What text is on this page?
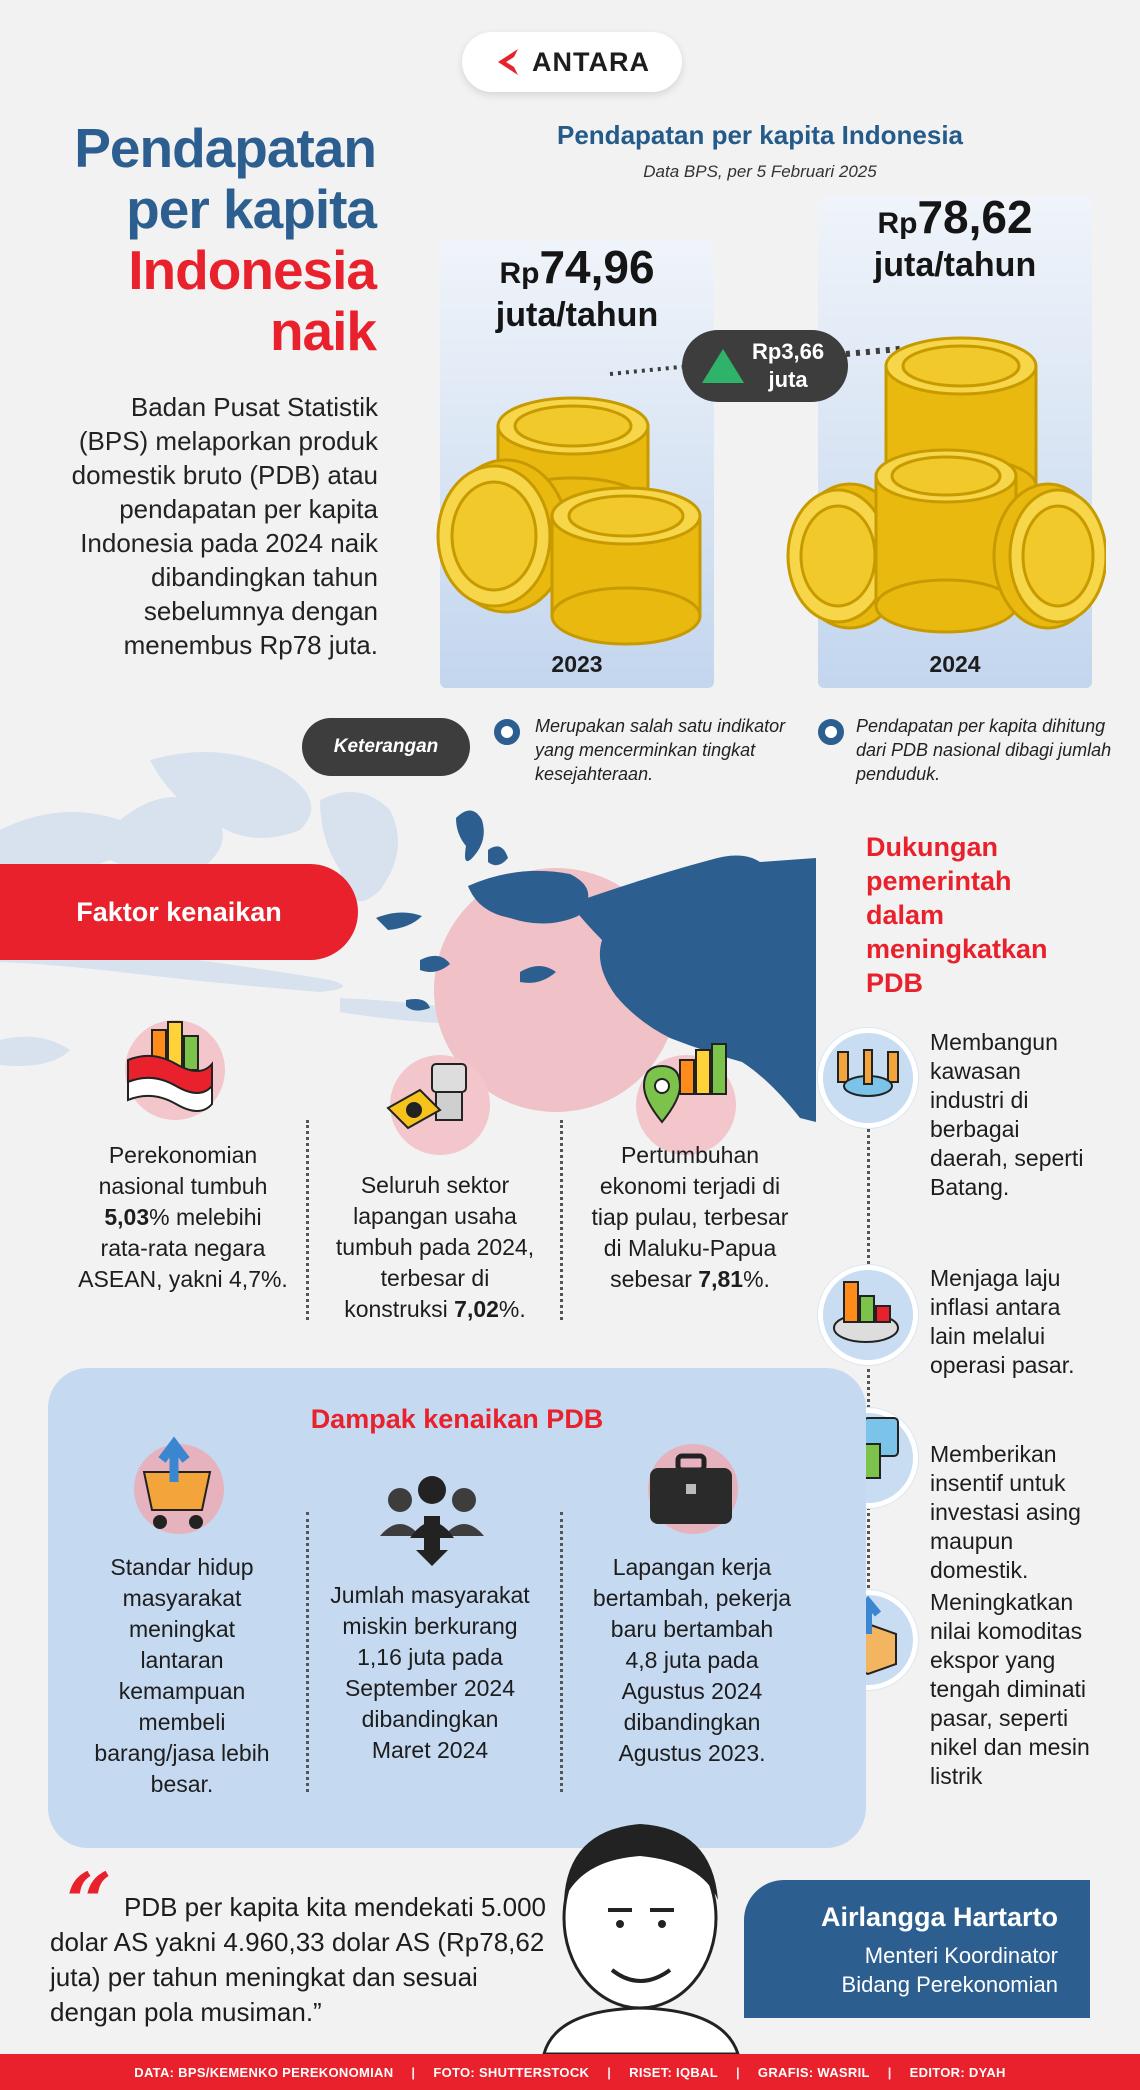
ANTARA
Pendapatan
per kapita
Indonesia
naik

Badan Pusat Statistik (BPS) melaporkan produk domestik bruto (PDB) atau pendapatan per kapita Indonesia pada 2024 naik dibandingkan tahun sebelumnya dengan menembus Rp78 juta.

Pendapatan per kapita Indonesia
Data BPS, per 5 Februari 2025
Rp74,96
juta/tahun
Rp78,62
juta/tahun
2023	2024
Rp3,66
juta
Keterangan

Merupakan salah satu indikator yang mencerminkan tingkat kesejahteraan.

Pendapatan per kapita dihitung dari PDB nasional dibagi jumlah penduduk.

Faktor kenaikan
Perekonomian nasional tumbuh 5,03% melebihi rata-rata negara ASEAN, yakni 4,7%.
Seluruh sektor lapangan usaha tumbuh pada 2024, terbesar di konstruksi 7,02%.
Pertumbuhan ekonomi terjadi di tiap pulau, terbesar di Maluku-Papua sebesar 7,81%.
Dukungan pemerintah dalam meningkatkan PDB

Membangun kawasan industri di berbagai daerah, seperti Batang.

Menjaga laju inflasi antara lain melalui operasi pasar.

Memberikan insentif untuk investasi asing maupun domestik.

Meningkatkan nilai komoditas ekspor yang tengah diminati pasar, seperti nikel dan mesin listrik

Dampak kenaikan PDB

Standar hidup masyarakat meningkat lantaran kemampuan membeli barang/jasa lebih besar.

Jumlah masyarakat miskin berkurang 1,16 juta pada September 2024 dibandingkan Maret 2024

Lapangan kerja bertambah, pekerja baru bertambah 4,8 juta pada Agustus 2024 dibandingkan Agustus 2023.

“ PDB per kapita kita mendekati 5.000 dolar AS yakni 4.960,33 dolar AS (Rp78,62 juta) per tahun meningkat dan sesuai dengan pola musiman.”

Airlangga Hartarto
Menteri Koordinator
Bidang Perekonomian
DATA: BPS/KEMENKO PEREKONOMIAN | FOTO: SHUTTERSTOCK | RISET: IQBAL | GRAFIS: WASRIL | EDITOR: DYAH
